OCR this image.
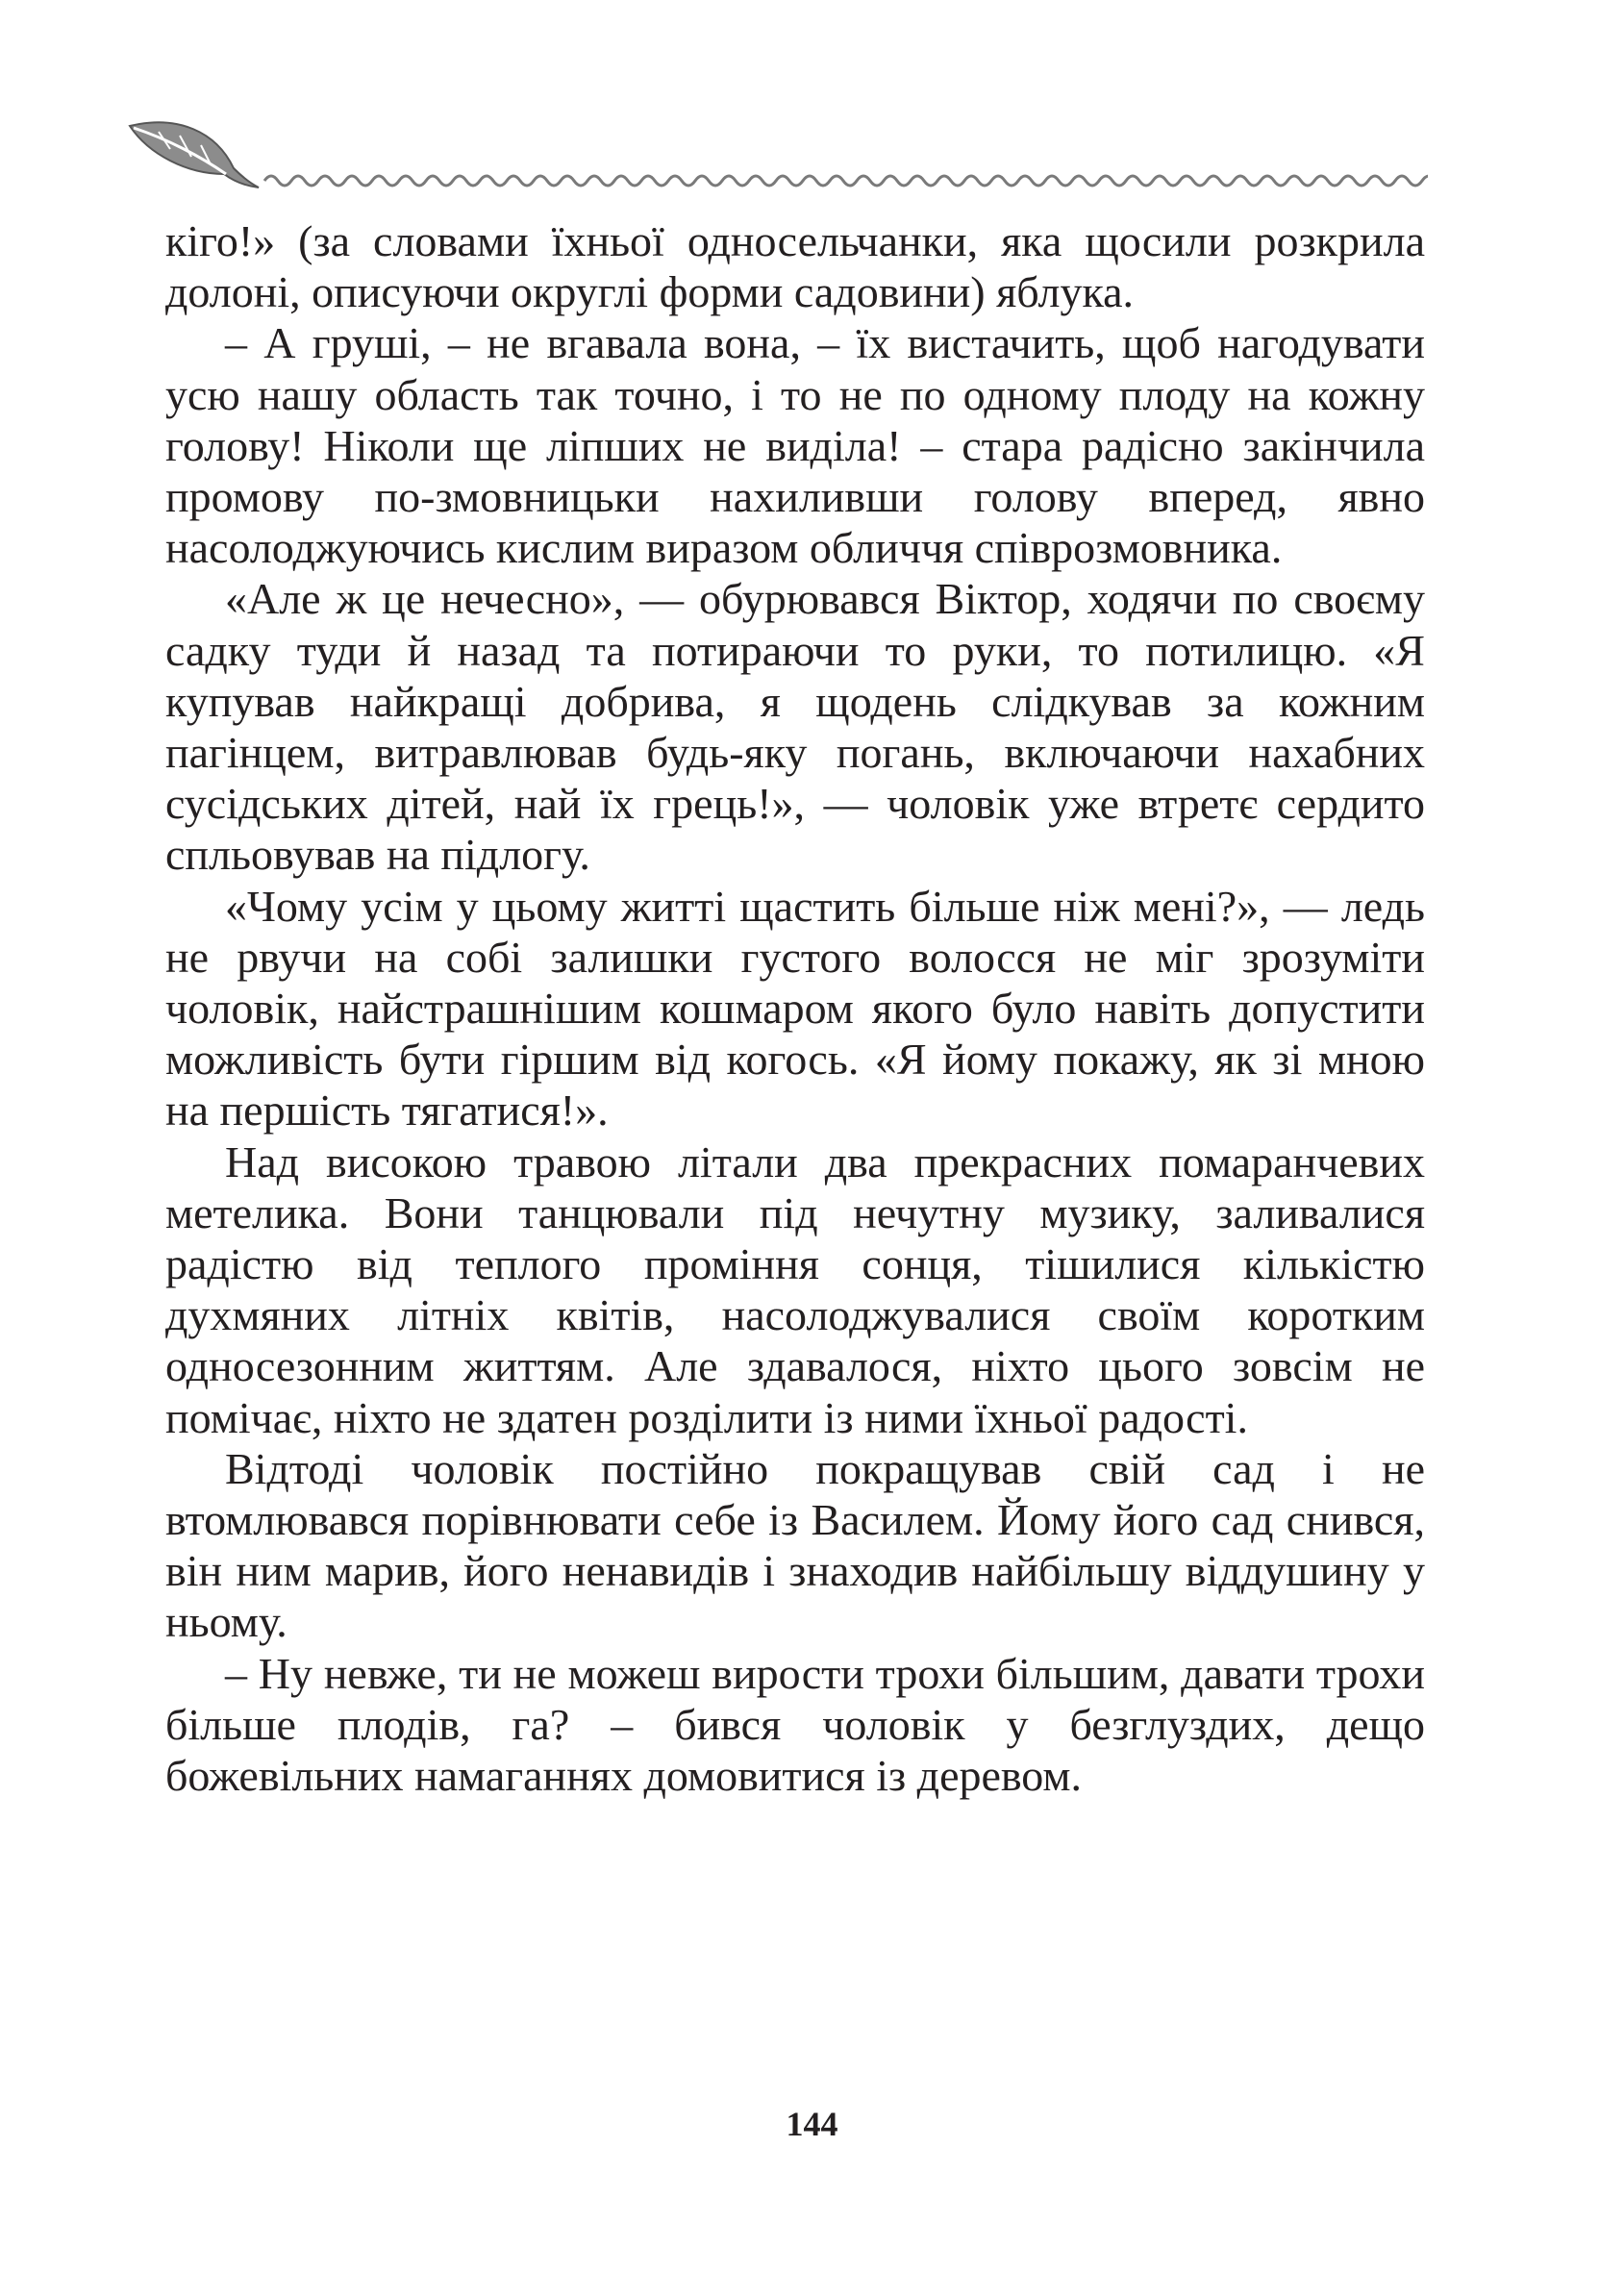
кіго!» (за словами їхньої односельчанки, яка щосили розкрила долоні, описуючи округлі форми садовини) яблука.

– А груші, – не вгавала вона, – їх вистачить, щоб нагодувати усю нашу область так точно, і то не по одному плоду на кожну голову! Ніколи ще ліпших не виділа! – стара радісно закінчила промову по-змовницьки нахиливши голову вперед, явно насолоджуючись кислим виразом обличчя співрозмовника.

«Але ж це нечесно», — обурювався Віктор, ходячи по своєму садку туди й назад та потираючи то руки, то потилицю. «Я купував найкращі добрива, я щодень слідкував за кожним пагінцем, витравлював будь-яку погань, включаючи нахабних сусідських дітей, най їх грець!», — чоловік уже втретє сердито спльовував на підлогу.

«Чому усім у цьому житті щастить більше ніж мені?», — ледь не рвучи на собі залишки густого волосся не міг зрозуміти чоловік, найстрашнішим кошмаром якого було навіть допустити можливість бути гіршим від когось. «Я йому покажу, як зі мною на першість тягатися!».

Над високою травою літали два прекрасних помаранчевих метелика. Вони танцювали під нечутну музику, заливалися радістю від теплого проміння сонця, тішилися кількістю духмяних літніх квітів, насолоджувалися своїм коротким односезонним життям. Але здавалося, ніхто цього зовсім не помічає, ніхто не здатен розділити із ними їхньої радості.

Відтоді чоловік постійно покращував свій сад і не втомлювався порівнювати себе із Василем. Йому його сад снився, він ним марив, його ненавидів і знаходив найбільшу віддушину у ньому.

– Ну невже, ти не можеш вирости трохи більшим, давати трохи більше плодів, га? – бився чоловік у безглуздих, дещо божевільних намаганнях домовитися із деревом.

144
